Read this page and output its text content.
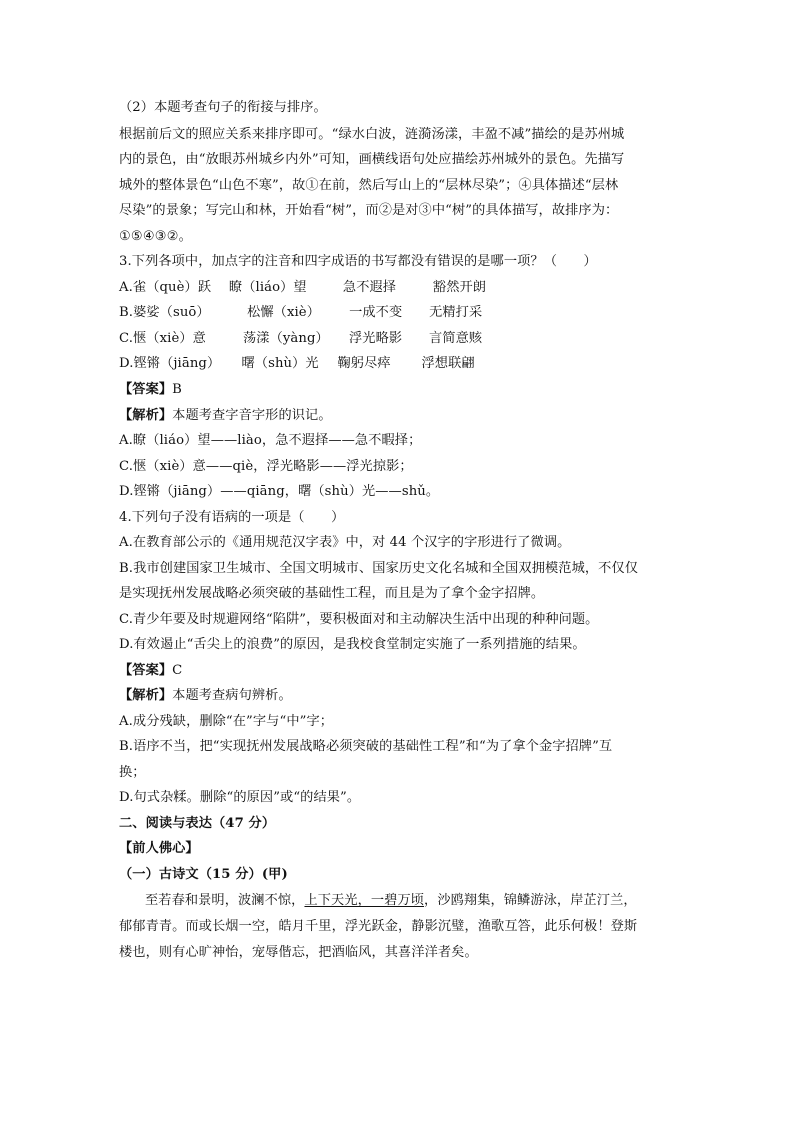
（2）本题考查句子的衔接与排序。
根据前后文的照应关系来排序即可。“绿水白波，涟漪汤漾，丰盈不减”描绘的是苏州城
内的景色，由“放眼苏州城乡内外”可知，画横线语句处应描绘苏州城外的景色。先描写
城外的整体景色“山色不寒”，故①在前，然后写山上的“层林尽染”；④具体描述“层林
尽染”的景象；写完山和林，开始看“树”，而②是对③中“树”的具体描写，故排序为：
①⑤④③②。
3.下列各项中，加点字的注音和四字成语的书写都没有错误的是哪一项？（　　）
A.雀（què）跃 瞭（liáo）望	急不遐择	豁然开朗
B.婆娑（suō）	松懈（xiè） 一成不变 无精打采
C.惬（xiè）意	荡漾（yàng） 浮光略影 言简意赅
D.铿锵（jiāng） 曙（shù）光 鞠躬尽瘁 浮想联翩
【答案】B
【解析】本题考查字音字形的识记。
A.瞭（liáo）望——liào，急不遐择——急不暇择；
C.惬（xiè）意——qiè，浮光略影——浮光掠影；
D.铿锵（jiāng）——qiāng，曙（shù）光——shǔ。
4.下列句子没有语病的一项是（　　）
A.在教育部公示的《通用规范汉字表》中，对 44 个汉字的字形进行了微调。
B.我市创建国家卫生城市、全国文明城市、国家历史文化名城和全国双拥模范城，不仅仅
是实现抚州发展战略必须突破的基础性工程，而且是为了拿个金字招牌。
C.青少年要及时规避网络“陷阱”，要积极面对和主动解决生活中出现的种种问题。
D.有效遏止“舌尖上的浪费”的原因，是我校食堂制定实施了一系列措施的结果。
【答案】C
【解析】本题考查病句辨析。
A.成分残缺，删除“在”字与“中”字；
B.语序不当，把“实现抚州发展战略必须突破的基础性工程”和“为了拿个金字招牌”互
换；
D.句式杂糅。删除“的原因”或“的结果”。
二、阅读与表达（47 分）
【前人佛心】
（一）古诗文（15 分）(甲)
至若春和景明，波澜不惊，上下天光，一碧万顷，沙鸥翔集，锦鳞游泳，岸芷汀兰，
郁郁青青。而或长烟一空，皓月千里，浮光跃金，静影沉璧，渔歌互答，此乐何极！登斯
楼也，则有心旷神怡，宠辱偕忘，把酒临风，其喜洋洋者矣。
